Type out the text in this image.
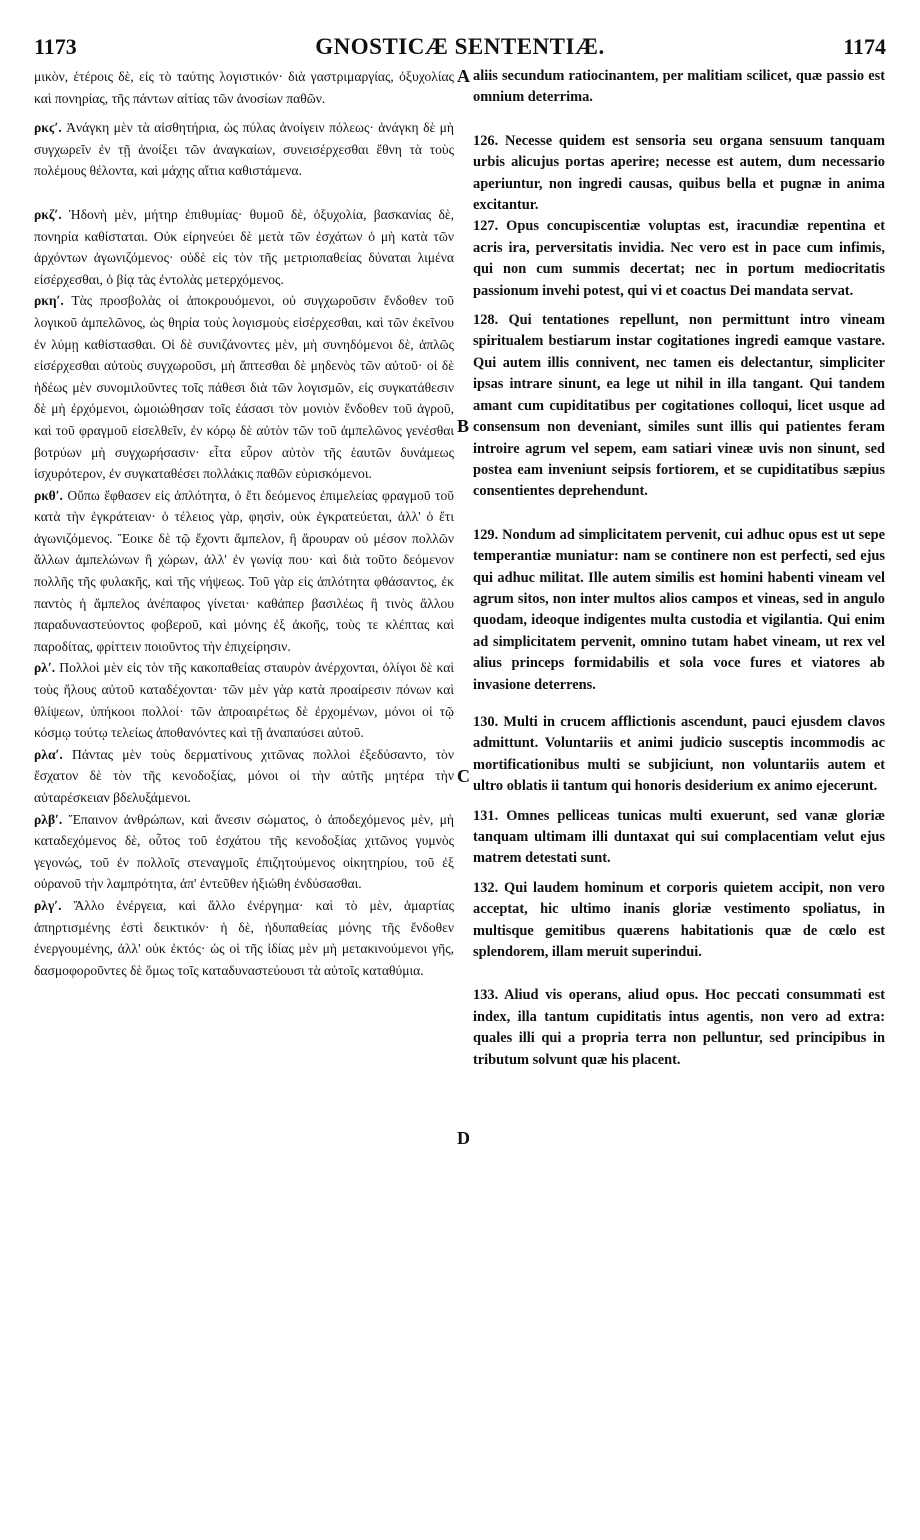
1173	GNOSTICÆ SENTENTIÆ.	1174

μικὸν, ἑτέροις δὲ, εἰς τὸ ταύτης λογιστικόν· διὰ γαστριμαργίας, ὀξυχολίας καὶ πονηρίας, τῆς πάντων αἰτίας τῶν ἀνοσίων παθῶν.

ρκϛʹ. Ἀνάγκη μὲν τὰ αἰσθητήρια, ὡς πύλας ἀνοίγειν πόλεως· ἀνάγκη δὲ μὴ συγχωρεῖν ἐν τῇ ἀνοίξει τῶν ἀναγκαίων, συνεισέρχεσθαι ἔθνη τὰ τοὺς πολέμους θέλοντα, καὶ μάχης αἴτια καθιστάμενα.

ρκζʹ. Ἡδονὴ μὲν, μήτηρ ἐπιθυμίας· θυμοῦ δὲ, ὀξυχολία, βασκανίας δὲ, πονηρία καθίσταται. Οὐκ εἰρηνεύει δὲ μετὰ τῶν ἐσχάτων ὁ μὴ κατὰ τῶν ἀρχόντων ἀγωνιζόμενος· οὐδὲ εἰς τὸν τῆς μετριοπαθείας δύναται λιμένα εἰσέρχεσθαι, ὁ βίᾳ τὰς ἐντολὰς μετερχόμενος.

ρκηʹ. Τὰς προσβολὰς οἱ ἀποκρουόμενοι, οὐ συγχωροῦσιν ἔνδοθεν τοῦ λογικοῦ ἀμπελῶνος, ὡς θηρία τοὺς λογισμοὺς εἰσέρχεσθαι, καὶ τῶν ἐκεῖνου ἐν λύμῃ καθίστασθαι. Οἱ δὲ συνιζάνοντες μὲν, μὴ συνηδόμενοι δὲ, ἁπλῶς εἰσέρχεσθαι αὐτοὺς συγχωροῦσι, μὴ ἅπτεσθαι δὲ μηδενὸς τῶν αὐτοῦ· οἱ δὲ ἡδέως μὲν συνομιλοῦντες τοῖς πάθεσι διὰ τῶν λογισμῶν, εἰς συγκατάθεσιν δὲ μὴ ἐρχόμενοι, ὡμοιώθησαν τοῖς ἐάσασι τὸν μονιὸν ἔνδοθεν τοῦ ἀγροῦ, καὶ τοῦ φραγμοῦ εἰσελθεῖν, ἐν κόρῳ δὲ αὐτὸν τῶν τοῦ ἀμπελῶνος γενέσθαι βοτρύων μὴ συγχωρήσασιν· εἶτα εὗρον αὐτὸν τῆς ἑαυτῶν δυνάμεως ἰσχυρότερον, ἐν συγκαταθέσει πολλάκις παθῶν εὑρισκόμενοι.

ρκθʹ. Οὔπω ἔφθασεν εἰς ἁπλότητα, ὁ ἔτι δεόμενος ἐπιμελείας φραγμοῦ τοῦ κατὰ τὴν ἐγκράτειαν· ὁ τέλειος γὰρ, φησὶν, οὐκ ἐγκρατεύεται, ἀλλ' ὁ ἔτι ἀγωνιζόμενος. Ἔοικε δὲ τῷ ἔχοντι ἄμπελον, ἢ ἄρουραν οὐ μέσον πολλῶν ἄλλων ἀμπελώνων ἢ χώρων, ἀλλ' ἐν γωνίᾳ που· καὶ διὰ τοῦτο δεόμενον πολλῆς τῆς φυλακῆς, καὶ τῆς νήψεως. Τοῦ γὰρ εἰς ἁπλότητα φθάσαντος, ἐκ παντὸς ἡ ἄμπελος ἀνέπαφος γίνεται· καθάπερ βασιλέως ἢ τινὸς ἄλλου παραδυναστεύοντος φοβεροῦ, καὶ μόνης ἐξ ἀκοῆς, τοὺς τε κλέπτας καὶ παροδίτας, φρίττειν ποιοῦντος τὴν ἐπιχείρησιν.

ρλʹ. Πολλοὶ μὲν εἰς τὸν τῆς κακοπαθείας σταυρὸν ἀνέρχονται, ὀλίγοι δὲ καὶ τοὺς ἥλους αὐτοῦ καταδέχονται· τῶν μὲν γὰρ κατὰ προαίρεσιν πόνων καὶ θλίψεων, ὑπήκοοι πολλοί· τῶν ἀπροαιρέτως δὲ ἐρχομένων, μόνοι οἱ τῷ κόσμῳ τούτῳ τελείως ἀποθανόντες καὶ τῇ ἀναπαύσει αὐτοῦ.

ρλαʹ. Πάντας μὲν τοὺς δερματίνους χιτῶνας πολλοὶ ἐξεδύσαντο, τὸν ἔσχατον δὲ τὸν τῆς κενοδοξίας, μόνοι οἱ τὴν αὐτῆς μητέρα τὴν αὐταρέσκειαν βδελυξάμενοι.

ρλβʹ. Ἔπαινον ἀνθρώπων, καὶ ἄνεσιν σώματος, ὁ ἀποδεχόμενος μὲν, μὴ καταδεχόμενος δὲ, οὗτος τοῦ ἐσχάτου τῆς κενοδοξίας χιτῶνος γυμνὸς γεγονώς, τοῦ ἐν πολλοῖς στεναγμοῖς ἐπιζητούμενος οἰκητηρίου, τοῦ ἐξ οὐρανοῦ τὴν λαμπρότητα, ἀπ' ἐντεῦθεν ἠξιώθη ἐνδύσασθαι.

ρλγʹ. Ἄλλο ἐνέργεια, καὶ ἄλλο ἐνέργημα· καὶ τὸ μὲν, ἁμαρτίας ἀπηρτισμένης ἐστὶ δεικτικόν· ἡ δὲ, ἡδυπαθείας μόνης τῆς ἔνδοθεν ἐνεργουμένης, ἀλλ' οὐκ ἐκτός· ὡς οἱ τῆς ἰδίας μὲν μὴ μετακινούμενοι γῆς, δασμοφοροῦντες δὲ ὅμως τοῖς καταδυναστεύουσι τὰ αὐτοῖς καταθύμια.

A
B
C
D

aliis secundum ratiocinantem, per malitiam scilicet, quæ passio est omnium deterrima.

126. Necesse quidem est sensoria seu organa sensuum tanquam urbis alicujus portas aperire; necesse est autem, dum necessario aperiuntur, non ingredi causas, quibus bella et pugnæ in anima excitantur.

127. Opus concupiscentiæ voluptas est, iracundiæ repentina et acris ira, perversitatis invidia. Nec vero est in pace cum infimis, qui non cum summis decertat; nec in portum mediocritatis passionum invehi potest, qui vi et coactus Dei mandata servat.

128. Qui tentationes repellunt, non permittunt intro vineam spiritualem bestiarum instar cogitationes ingredi eamque vastare. Qui autem illis connivent, nec tamen eis delectantur, simpliciter ipsas intrare sinunt, ea lege ut nihil in illa tangant. Qui tandem amant cum cupiditatibus per cogitationes colloqui, licet usque ad consensum non deveniant, similes sunt illis qui patientes feram introire agrum vel sepem, eam satiari vineæ uvis non sinunt, sed postea eam inveniunt seipsis fortiorem, et se cupiditatibus sæpius consentientes deprehendunt.

129. Nondum ad simplicitatem pervenit, cui adhuc opus est ut sepe temperantiæ muniatur: nam se continere non est perfecti, sed ejus qui adhuc militat. Ille autem similis est homini habenti vineam vel agrum sitos, non inter multos alios campos et vineas, sed in angulo quodam, ideoque indigentes multa custodia et vigilantia. Qui enim ad simplicitatem pervenit, omnino tutam habet vineam, ut rex vel alius princeps formidabilis et sola voce fures et viatores ab invasione deterrens.

130. Multi in crucem afflictionis ascendunt, pauci ejusdem clavos admittunt. Voluntariis et animi judicio susceptis incommodis ac mortificationibus multi se subjiciunt, non voluntariis autem et ultro oblatis ii tantum qui honoris desiderium ex animo ejecerunt.

131. Omnes pelliceas tunicas multi exuerunt, sed vanæ gloriæ tanquam ultimam illi duntaxat qui sui complacentiam velut ejus matrem detestati sunt.

132. Qui laudem hominum et corporis quietem accipit, non vero acceptat, hic ultimo inanis gloriæ vestimento spoliatus, in multisque gemitibus quærens habitationis quæ de cœlo est splendorem, illam meruit superindui.

133. Aliud vis operans, aliud opus. Hoc peccati consummati est index, illa tantum cupiditatis intus agentis, non vero ad extra: quales illi qui a propria terra non pelluntur, sed principibus in tributum solvunt quæ his placent.
